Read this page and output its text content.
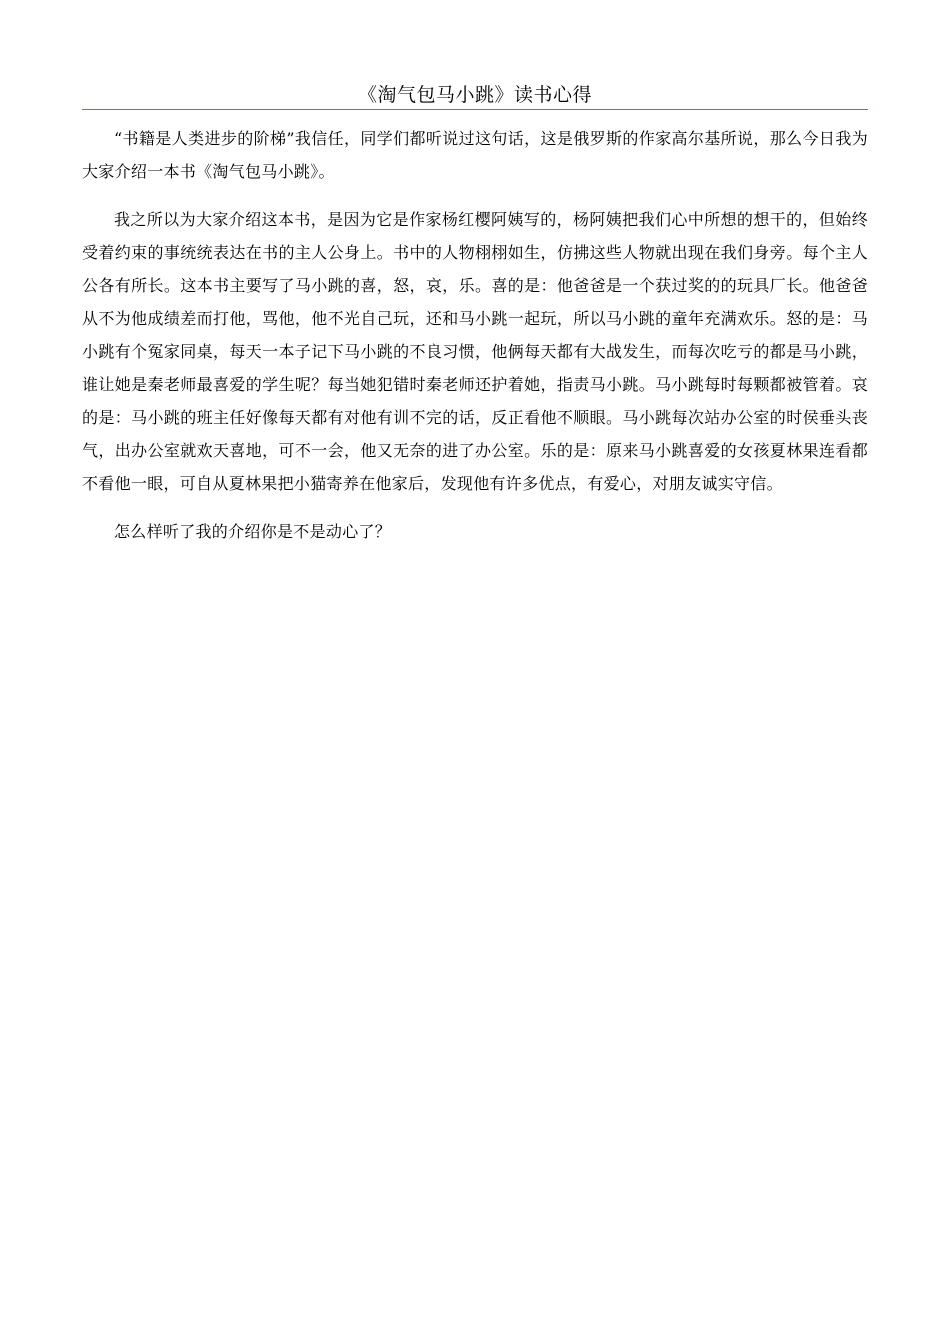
《淘气包马小跳》读书心得

“书籍是人类进步的阶梯”我信任，同学们都听说过这句话，这是俄罗斯的作家高尔基所说，那么今日我为大家介绍一本书《淘气包马小跳》。

我之所以为大家介绍这本书，是因为它是作家杨红樱阿姨写的，杨阿姨把我们心中所想的想干的，但始终受着约束的事统统表达在书的主人公身上。书中的人物栩栩如生，仿拂这些人物就出现在我们身旁。每个主人公各有所长。这本书主要写了马小跳的喜，怒，哀，乐。喜的是：他爸爸是一个获过奖的的玩具厂长。他爸爸从不为他成绩差而打他，骂他，他不光自己玩，还和马小跳一起玩，所以马小跳的童年充满欢乐。怒的是：马小跳有个冤家同桌，每天一本子记下马小跳的不良习惯，他俩每天都有大战发生，而每次吃亏的都是马小跳，谁让她是秦老师最喜爱的学生呢？每当她犯错时秦老师还护着她，指责马小跳。马小跳每时每颗都被管着。哀的是：马小跳的班主任好像每天都有对他有训不完的话，反正看他不顺眼。马小跳每次站办公室的时侯垂头丧气，出办公室就欢天喜地，可不一会，他又无奈的进了办公室。乐的是：原来马小跳喜爱的女孩夏林果连看都不看他一眼，可自从夏林果把小猫寄养在他家后，发现他有许多优点，有爱心，对朋友诚实守信。

怎么样听了我的介绍你是不是动心了？
